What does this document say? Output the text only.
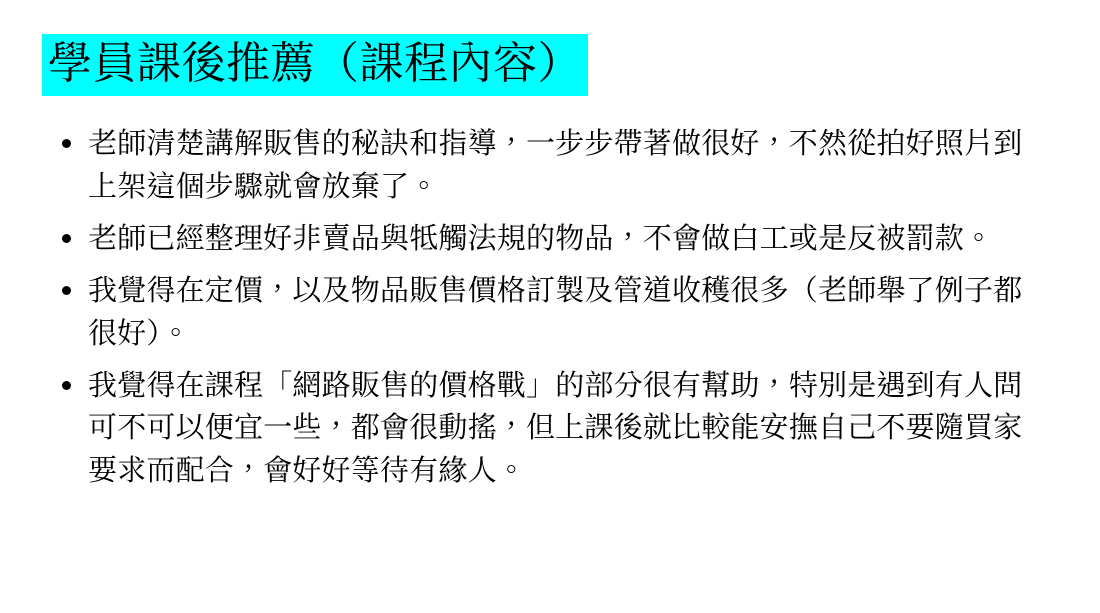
學員課後推薦（課程內容）
老師清楚講解販售的秘訣和指導，一步步帶著做很好，不然從拍好照片到上架這個步驟就會放棄了。
老師已經整理好非賣品與牴觸法規的物品，不會做白工或是反被罰款。
我覺得在定價，以及物品販售價格訂製及管道收穫很多（老師舉了例子都很好）。
我覺得在課程「網路販售的價格戰」的部分很有幫助，特別是遇到有人問可不可以便宜一些，都會很動搖，但上課後就比較能安撫自己不要隨買家要求而配合，會好好等待有緣人。
